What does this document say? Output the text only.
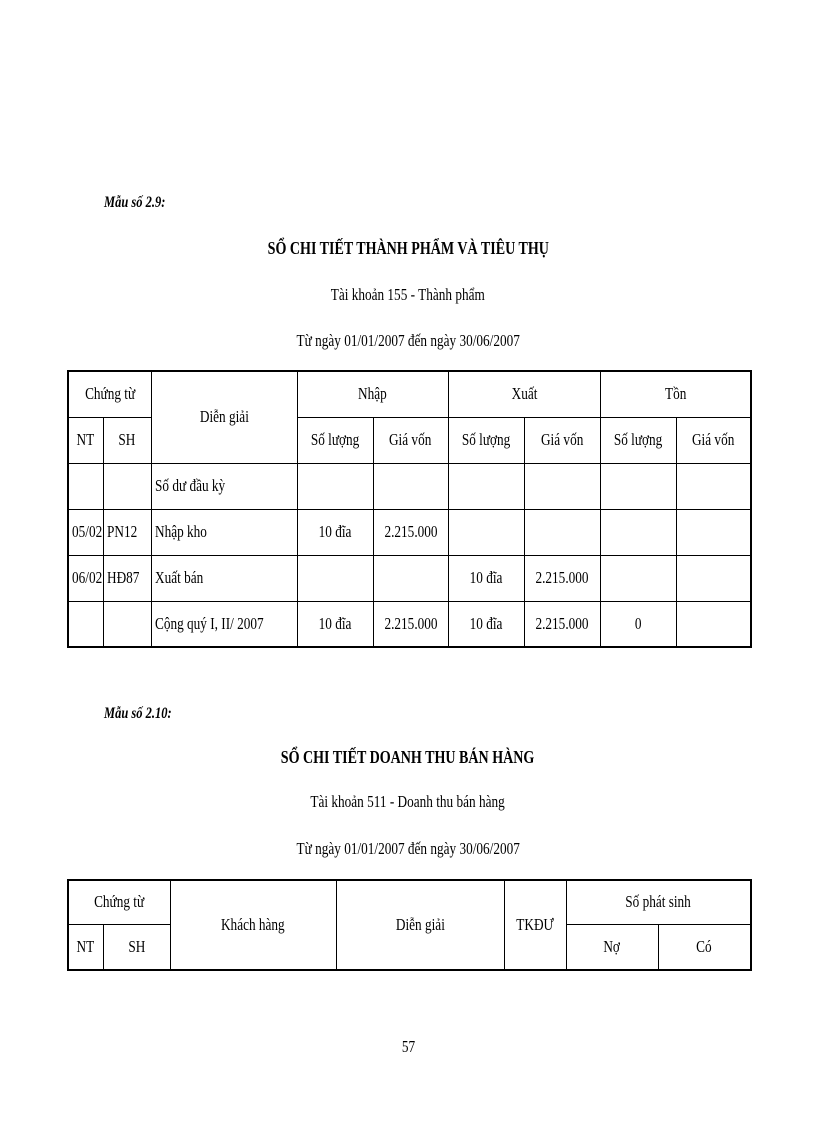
Mẫu số 2.9:
SỔ CHI TIẾT THÀNH PHẨM VÀ TIÊU THỤ
Tài khoản 155 - Thành phẩm
Từ ngày 01/01/2007 đến ngày 30/06/2007
Chứng từ		Diễn giải	Nhập		Xuất		Tồn	
NT	SH		Số lượng	Giá vốn	Số lượng	Giá vốn	Số lượng	Giá vốn
		Số dư đầu kỳ						
05/02	PN12	Nhập kho	10 đĩa	2.215.000				
06/02	HĐ87	Xuất bán			10 đĩa	2.215.000		
		Cộng quý I, II/ 2007	10 đĩa	2.215.000	10 đĩa	2.215.000	0	
Mẫu số 2.10:
SỔ CHI TIẾT DOANH THU BÁN HÀNG
Tài khoản 511 - Doanh thu bán hàng
Từ ngày 01/01/2007 đến ngày 30/06/2007
Chứng từ		Khách hàng	Diễn giải	TKĐƯ	Số phát sinh	
NT	SH				Nợ	Có
57
